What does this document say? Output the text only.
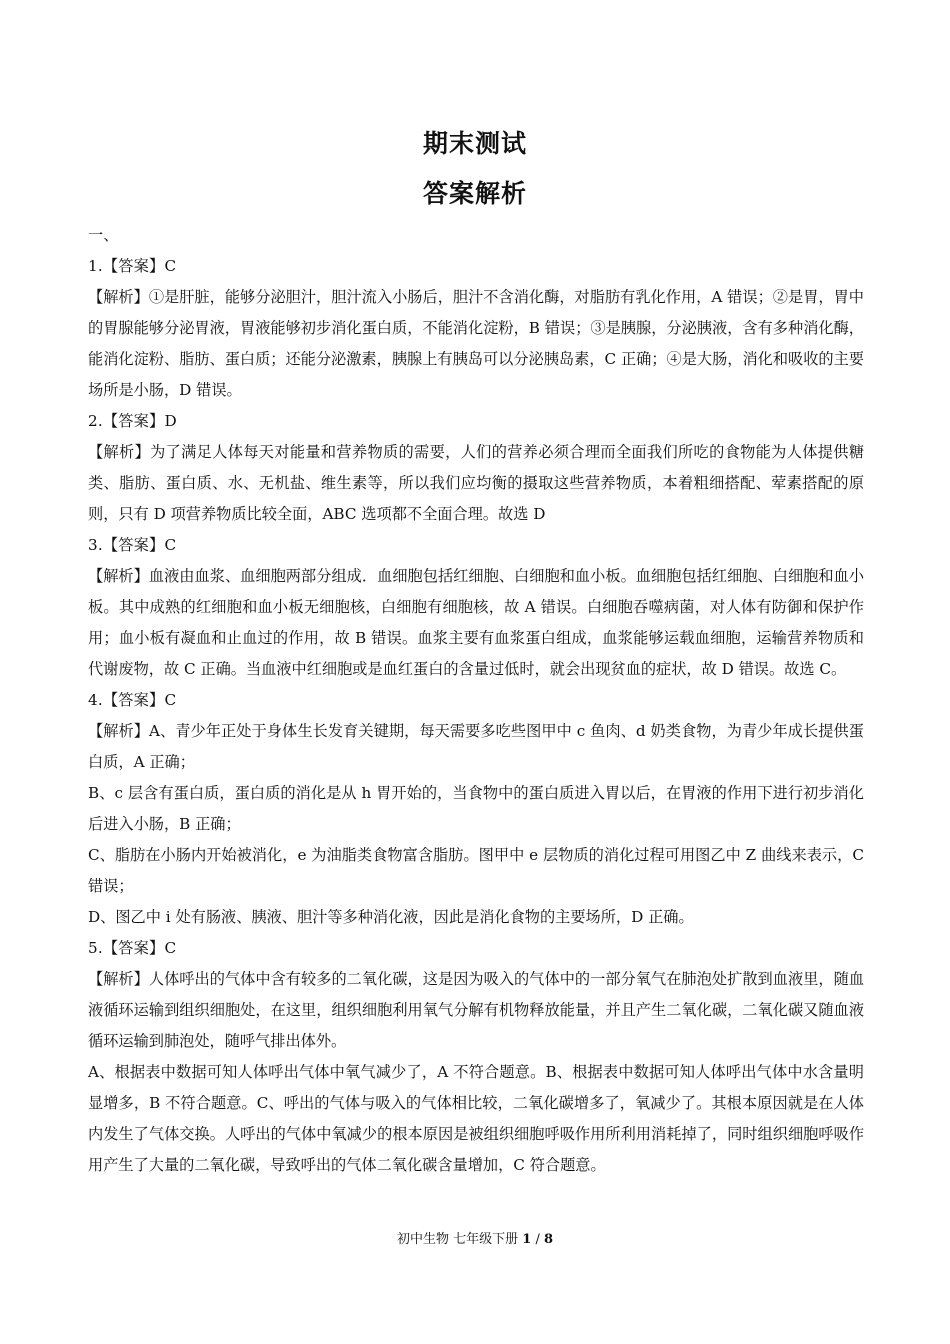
期末测试
答案解析

一、

1.【答案】C

【解析】①是肝脏，能够分泌胆汁，胆汁流入小肠后，胆汁不含消化酶，对脂肪有乳化作用，A 错误；②是胃，胃中的胃腺能够分泌胃液，胃液能够初步消化蛋白质，不能消化淀粉，B 错误；③是胰腺，分泌胰液，含有多种消化酶，能消化淀粉、脂肪、蛋白质；还能分泌激素，胰腺上有胰岛可以分泌胰岛素，C 正确；④是大肠，消化和吸收的主要场所是小肠，D 错误。

2.【答案】D

【解析】为了满足人体每天对能量和营养物质的需要，人们的营养必须合理而全面我们所吃的食物能为人体提供糖类、脂肪、蛋白质、水、无机盐、维生素等，所以我们应均衡的摄取这些营养物质，本着粗细搭配、荤素搭配的原则，只有 D 项营养物质比较全面，ABC 选项都不全面合理。故选 D

3.【答案】C

【解析】血液由血浆、血细胞两部分组成．血细胞包括红细胞、白细胞和血小板。血细胞包括红细胞、白细胞和血小板。其中成熟的红细胞和血小板无细胞核，白细胞有细胞核，故 A 错误。白细胞吞噬病菌，对人体有防御和保护作用；血小板有凝血和止血过的作用，故 B 错误。血浆主要有血浆蛋白组成，血浆能够运载血细胞，运输营养物质和代谢废物，故 C 正确。当血液中红细胞或是血红蛋白的含量过低时，就会出现贫血的症状，故 D 错误。故选 C。

4.【答案】C

【解析】A、青少年正处于身体生长发育关键期，每天需要多吃些图甲中 c 鱼肉、d 奶类食物，为青少年成长提供蛋白质，A 正确；

B、c 层含有蛋白质，蛋白质的消化是从 h 胃开始的，当食物中的蛋白质进入胃以后，在胃液的作用下进行初步消化后进入小肠，B 正确；

C、脂肪在小肠内开始被消化，e 为油脂类食物富含脂肪。图甲中 e 层物质的消化过程可用图乙中 Z 曲线来表示，C 错误；

D、图乙中 i 处有肠液、胰液、胆汁等多种消化液，因此是消化食物的主要场所，D 正确。

5.【答案】C

【解析】人体呼出的气体中含有较多的二氧化碳，这是因为吸入的气体中的一部分氧气在肺泡处扩散到血液里，随血液循环运输到组织细胞处，在这里，组织细胞利用氧气分解有机物释放能量，并且产生二氧化碳，二氧化碳又随血液循环运输到肺泡处，随呼气排出体外。

A、根据表中数据可知人体呼出气体中氧气减少了，A 不符合题意。B、根据表中数据可知人体呼出气体中水含量明显增多，B 不符合题意。C、呼出的气体与吸入的气体相比较，二氧化碳增多了，氧减少了。其根本原因就是在人体内发生了气体交换。人呼出的气体中氧减少的根本原因是被组织细胞呼吸作用所利用消耗掉了，同时组织细胞呼吸作用产生了大量的二氧化碳，导致呼出的气体二氧化碳含量增加，C 符合题意。

初中生物 七年级下册 1 / 8
